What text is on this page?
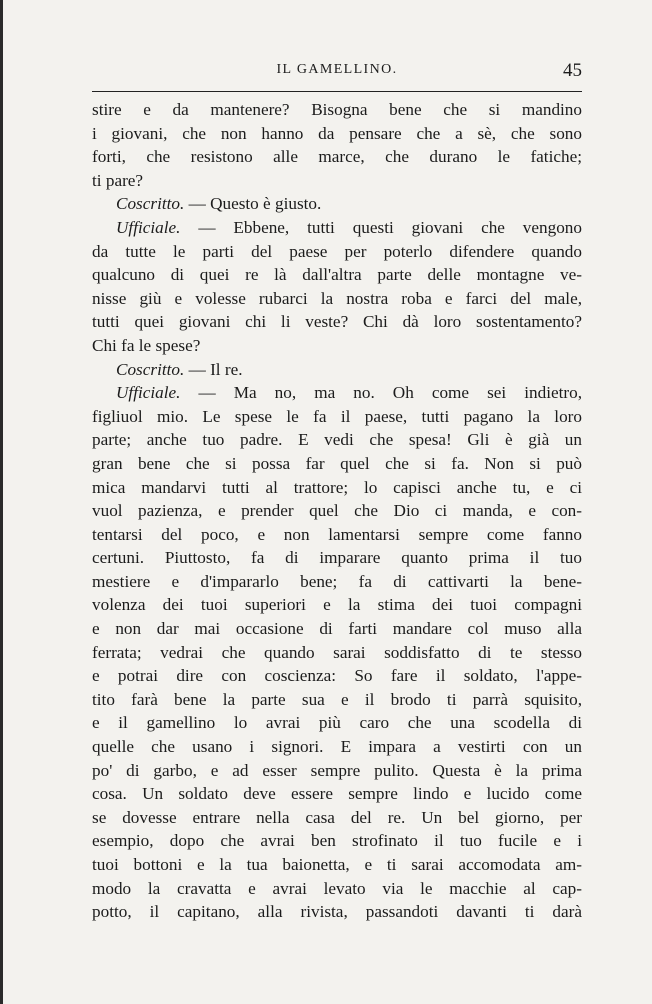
IL GAMELLINO.	45
stire e da mantenere? Bisogna bene che si mandino
i giovani, che non hanno da pensare che a sè, che sono
forti, che resistono alle marce, che durano le fatiche;
ti pare?
Coscritto. — Questo è giusto.
Ufficiale. — Ebbene, tutti questi giovani che vengono
da tutte le parti del paese per poterlo difendere quando
qualcuno di quei re là dall'altra parte delle montagne ve-
nisse giù e volesse rubarci la nostra roba e farci del male,
tutti quei giovani chi li veste? Chi dà loro sostentamento?
Chi fa le spese?
Coscritto. — Il re.
Ufficiale. — Ma no, ma no. Oh come sei indietro,
figliuol mio. Le spese le fa il paese, tutti pagano la loro
parte; anche tuo padre. E vedi che spesa! Gli è già un
gran bene che si possa far quel che si fa. Non si può
mica mandarvi tutti al trattore; lo capisci anche tu, e ci
vuol pazienza, e prender quel che Dio ci manda, e con-
tentarsi del poco, e non lamentarsi sempre come fanno
certuni. Piuttosto, fa di imparare quanto prima il tuo
mestiere e d'impararlo bene; fa di cattivarti la bene-
volenza dei tuoi superiori e la stima dei tuoi compagni
e non dar mai occasione di farti mandare col muso alla
ferrata; vedrai che quando sarai soddisfatto di te stesso
e potrai dire con coscienza: So fare il soldato, l'appe-
tito farà bene la parte sua e il brodo ti parrà squisito,
e il gamellino lo avrai più caro che una scodella di
quelle che usano i signori. E impara a vestirti con un
po' di garbo, e ad esser sempre pulito. Questa è la prima
cosa. Un soldato deve essere sempre lindo e lucido come
se dovesse entrare nella casa del re. Un bel giorno, per
esempio, dopo che avrai ben strofinato il tuo fucile e i
tuoi bottoni e la tua baionetta, e ti sarai accomodata am-
modo la cravatta e avrai levato via le macchie al cap-
potto, il capitano, alla rivista, passandoti davanti ti darà
